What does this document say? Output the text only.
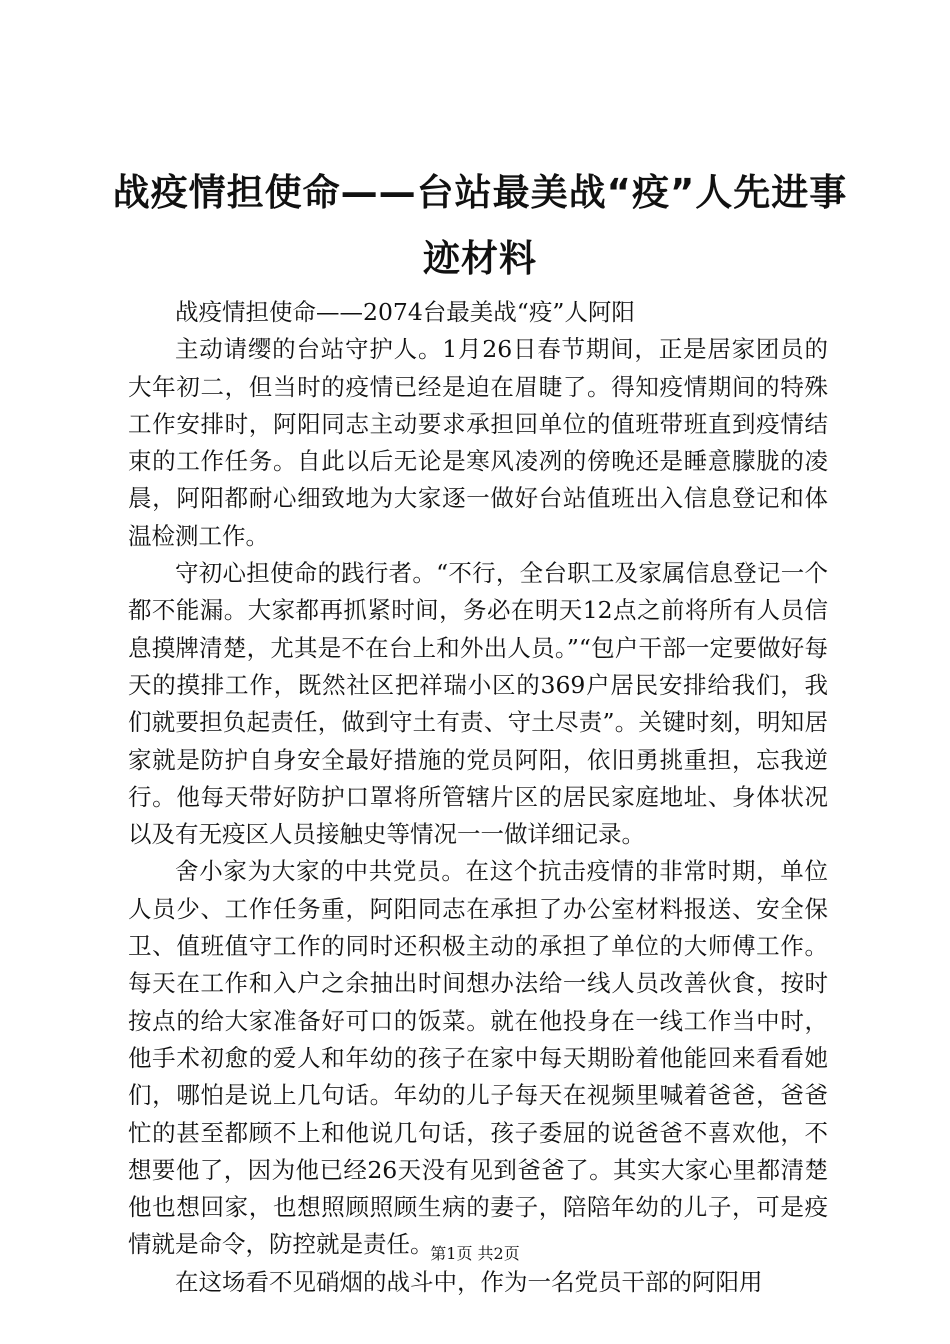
战疫情担使命——台站最美战“疫”人先进事迹材料

战疫情担使命——2074台最美战“疫”人阿阳

主动请缨的台站守护人。1月26日春节期间，正是居家团员的大年初二，但当时的疫情已经是迫在眉睫了。得知疫情期间的特殊工作安排时，阿阳同志主动要求承担回单位的值班带班直到疫情结束的工作任务。自此以后无论是寒风凌冽的傍晚还是睡意朦胧的凌晨，阿阳都耐心细致地为大家逐一做好台站值班出入信息登记和体温检测工作。

守初心担使命的践行者。“不行，全台职工及家属信息登记一个都不能漏。大家都再抓紧时间，务必在明天12点之前将所有人员信息摸牌清楚，尤其是不在台上和外出人员。”“包户干部一定要做好每天的摸排工作，既然社区把祥瑞小区的369户居民安排给我们，我们就要担负起责任，做到守土有责、守土尽责”。关键时刻，明知居家就是防护自身安全最好措施的党员阿阳，依旧勇挑重担，忘我逆行。他每天带好防护口罩将所管辖片区的居民家庭地址、身体状况以及有无疫区人员接触史等情况一一做详细记录。

舍小家为大家的中共党员。在这个抗击疫情的非常时期，单位人员少、工作任务重，阿阳同志在承担了办公室材料报送、安全保卫、值班值守工作的同时还积极主动的承担了单位的大师傅工作。每天在工作和入户之余抽出时间想办法给一线人员改善伙食，按时按点的给大家准备好可口的饭菜。就在他投身在一线工作当中时，他手术初愈的爱人和年幼的孩子在家中每天期盼着他能回来看看她们，哪怕是说上几句话。年幼的儿子每天在视频里喊着爸爸，爸爸忙的甚至都顾不上和他说几句话，孩子委屈的说爸爸不喜欢他，不想要他了，因为他已经26天没有见到爸爸了。其实大家心里都清楚他也想回家，也想照顾照顾生病的妻子，陪陪年幼的儿子，可是疫情就是命令，防控就是责任。

在这场看不见硝烟的战斗中，作为一名党员干部的阿阳用

第1页 共2页
